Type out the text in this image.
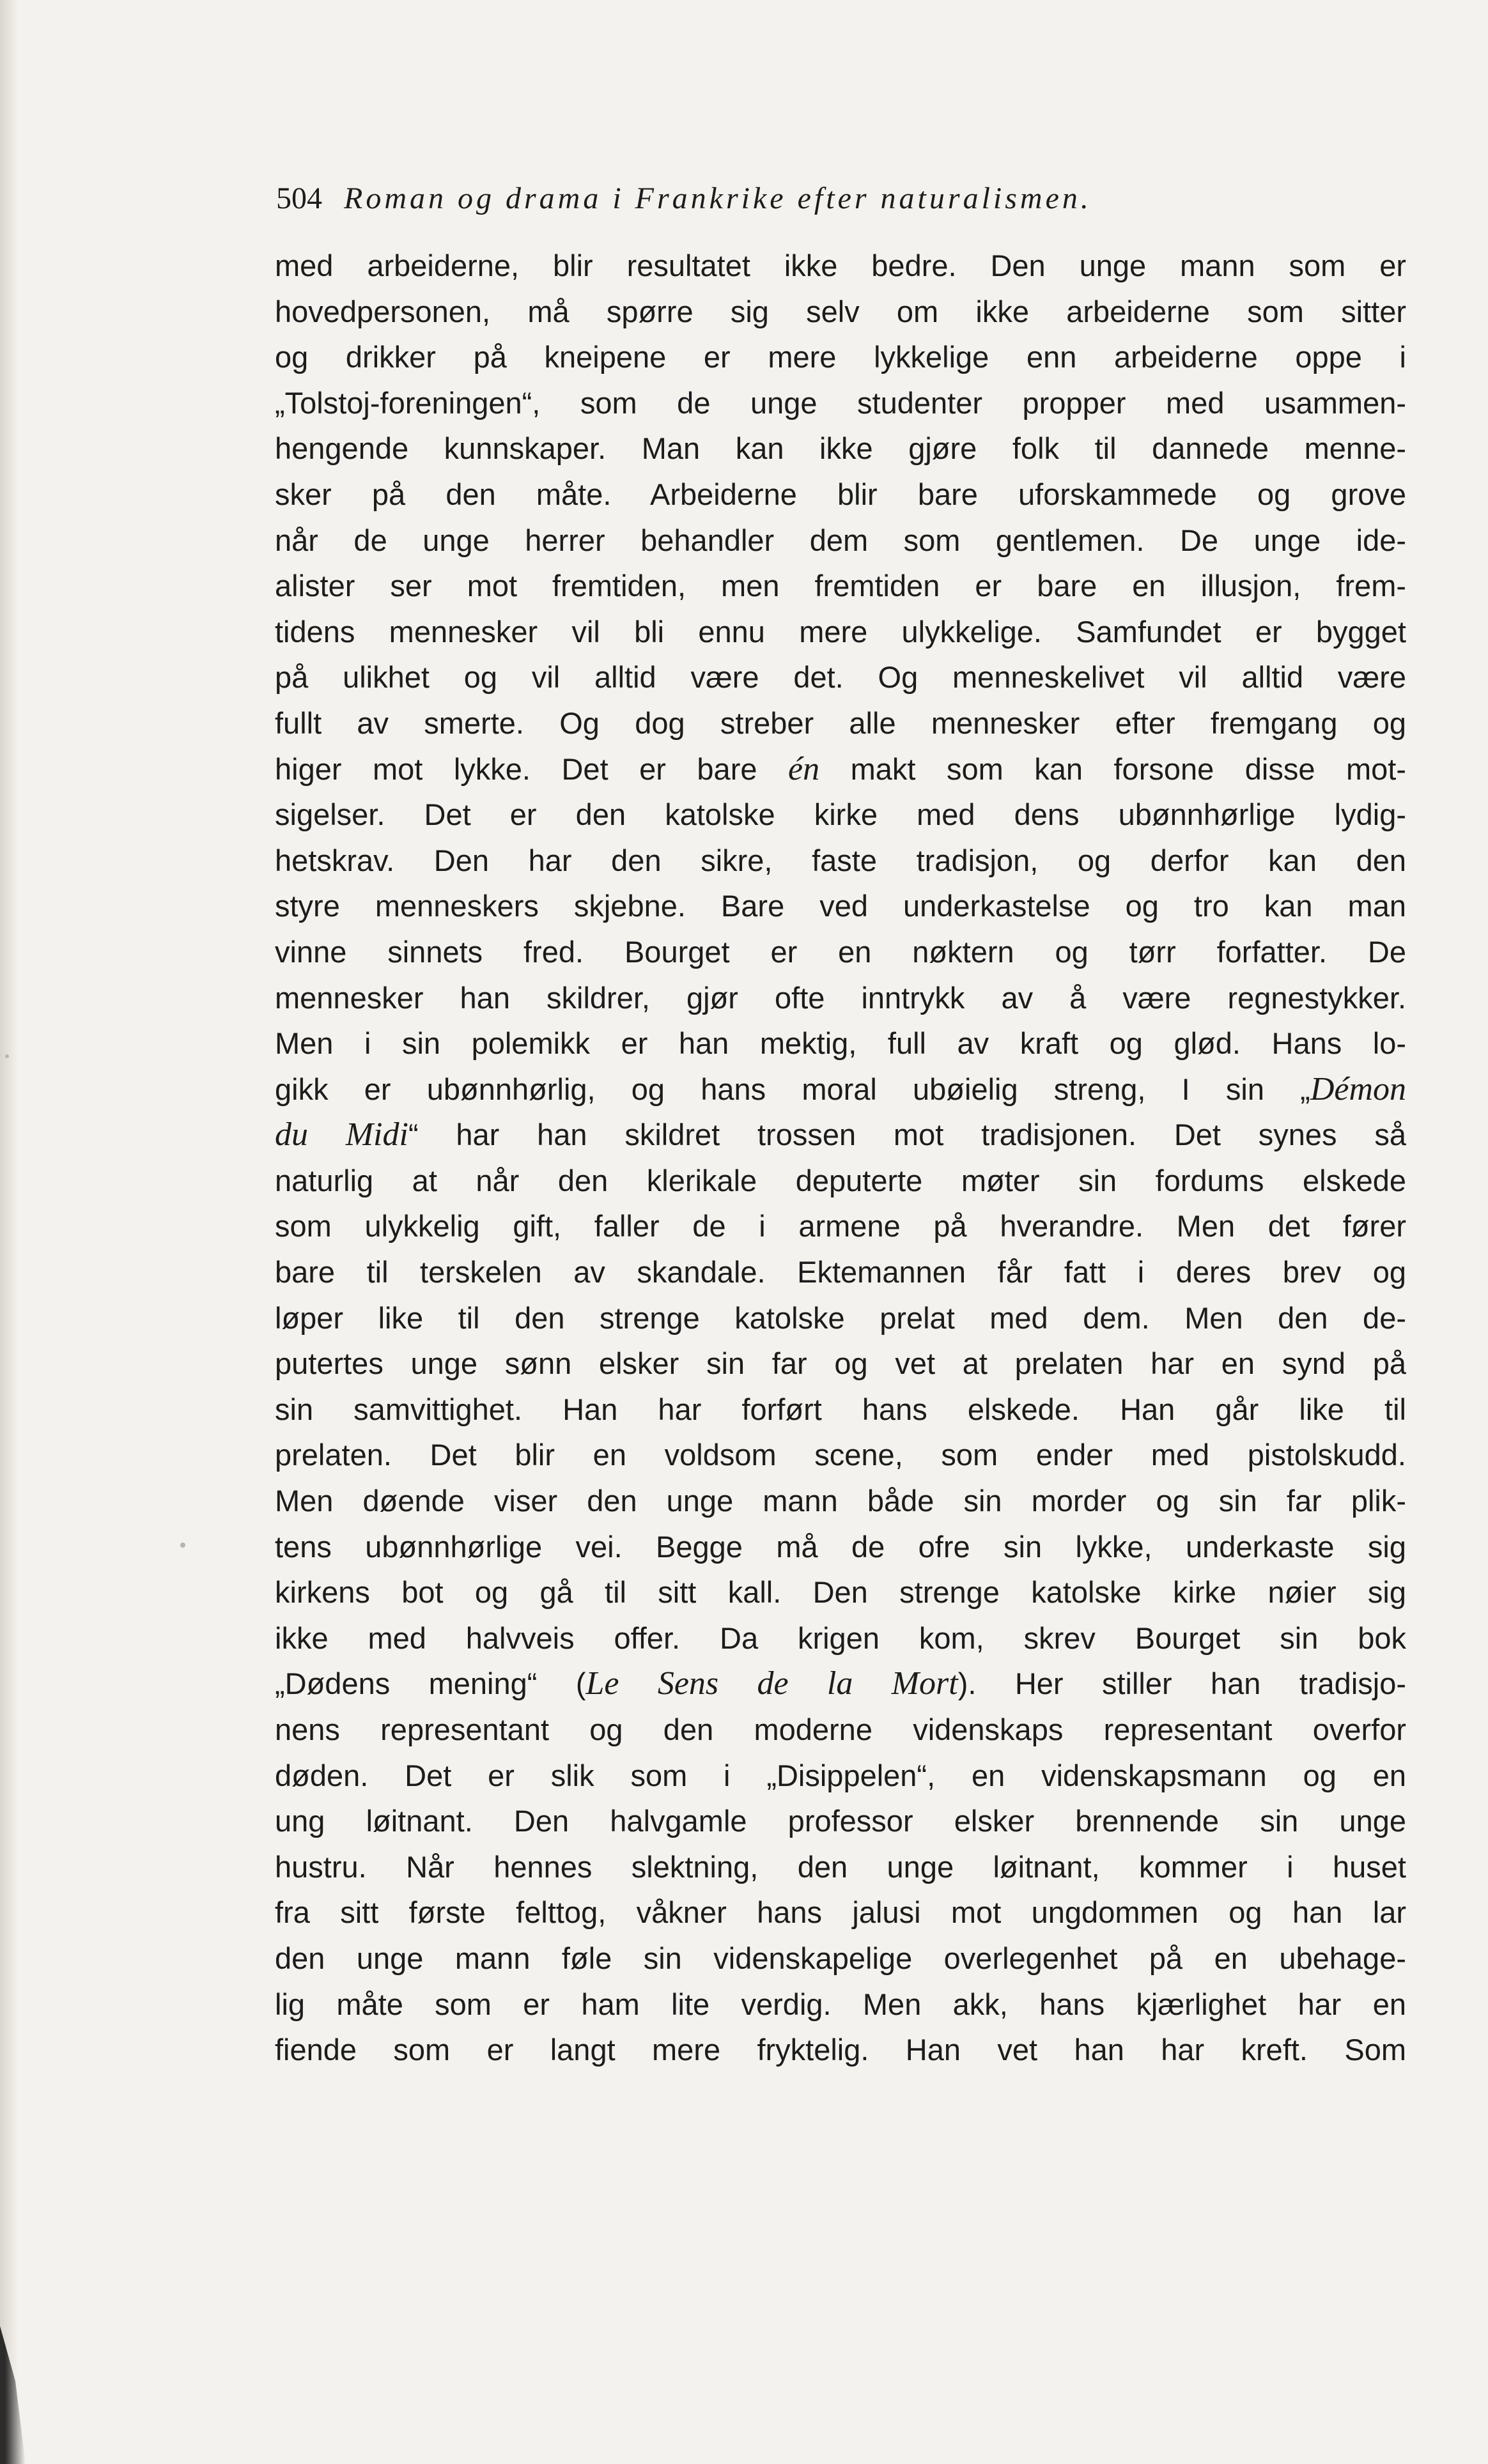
504 Roman og drama i Frankrike efter naturalismen.
med arbeiderne, blir resultatet ikke bedre. Den unge mann som er
hovedpersonen, må spørre sig selv om ikke arbeiderne som sitter
og drikker på kneipene er mere lykkelige enn arbeiderne oppe i
„Tolstoj-foreningen“, som de unge studenter propper med usammen-
hengende kunnskaper. Man kan ikke gjøre folk til dannede menne-
sker på den måte. Arbeiderne blir bare uforskammede og grove
når de unge herrer behandler dem som gentlemen. De unge ide-
alister ser mot fremtiden, men fremtiden er bare en illusjon, frem-
tidens mennesker vil bli ennu mere ulykkelige. Samfundet er bygget
på ulikhet og vil alltid være det. Og menneskelivet vil alltid være
fullt av smerte. Og dog streber alle mennesker efter fremgang og
higer mot lykke. Det er bare én makt som kan forsone disse mot-
sigelser. Det er den katolske kirke med dens ubønnhørlige lydig-
hetskrav. Den har den sikre, faste tradisjon, og derfor kan den
styre menneskers skjebne. Bare ved underkastelse og tro kan man
vinne sinnets fred. Bourget er en nøktern og tørr forfatter. De
mennesker han skildrer, gjør ofte inntrykk av å være regnestykker.
Men i sin polemikk er han mektig, full av kraft og glød. Hans lo-
gikk er ubønnhørlig, og hans moral ubøielig streng, I sin „Démon
du Midi“ har han skildret trossen mot tradisjonen. Det synes så
naturlig at når den klerikale deputerte møter sin fordums elskede
som ulykkelig gift, faller de i armene på hverandre. Men det fører
bare til terskelen av skandale. Ektemannen får fatt i deres brev og
løper like til den strenge katolske prelat med dem. Men den de-
putertes unge sønn elsker sin far og vet at prelaten har en synd på
sin samvittighet. Han har forført hans elskede. Han går like til
prelaten. Det blir en voldsom scene, som ender med pistolskudd.
Men døende viser den unge mann både sin morder og sin far plik-
tens ubønnhørlige vei. Begge må de ofre sin lykke, underkaste sig
kirkens bot og gå til sitt kall. Den strenge katolske kirke nøier sig
ikke med halvveis offer. Da krigen kom, skrev Bourget sin bok
„Dødens mening“ (Le Sens de la Mort). Her stiller han tradisjo-
nens representant og den moderne videnskaps representant overfor
døden. Det er slik som i „Disippelen“, en videnskapsmann og en
ung løitnant. Den halvgamle professor elsker brennende sin unge
hustru. Når hennes slektning, den unge løitnant, kommer i huset
fra sitt første felttog, våkner hans jalusi mot ungdommen og han lar
den unge mann føle sin videnskapelige overlegenhet på en ubehage-
lig måte som er ham lite verdig. Men akk, hans kjærlighet har en
fiende som er langt mere fryktelig. Han vet han har kreft. Som
